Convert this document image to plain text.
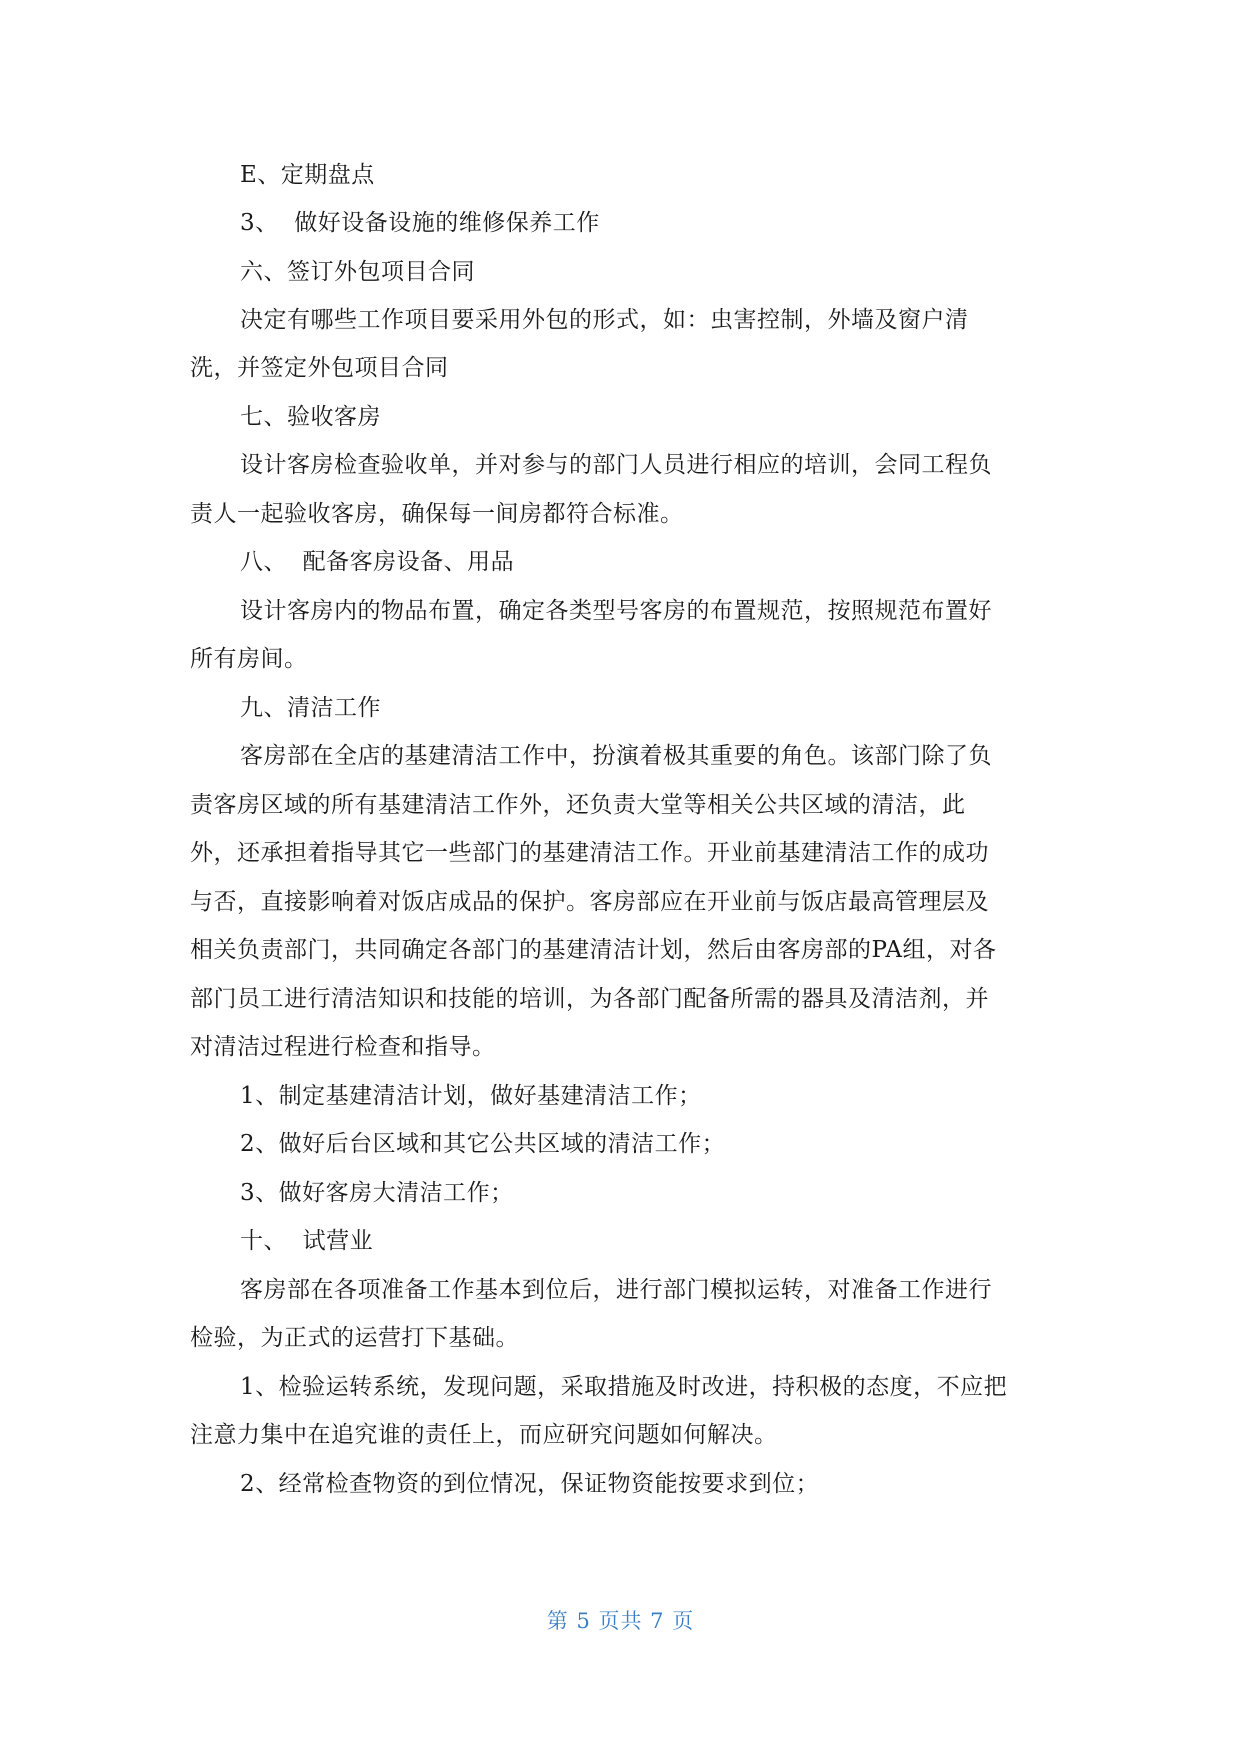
E、定期盘点
3、  做好设备设施的维修保养工作
六、签订外包项目合同
决定有哪些工作项目要采用外包的形式，如：虫害控制，外墙及窗户清
洗，并签定外包项目合同
七、验收客房
设计客房检查验收单，并对参与的部门人员进行相应的培训，会同工程负
责人一起验收客房，确保每一间房都符合标准。
八、  配备客房设备、用品
设计客房内的物品布置，确定各类型号客房的布置规范，按照规范布置好
所有房间。
九、清洁工作
客房部在全店的基建清洁工作中，扮演着极其重要的角色。该部门除了负
责客房区域的所有基建清洁工作外，还负责大堂等相关公共区域的清洁，此
外，还承担着指导其它一些部门的基建清洁工作。开业前基建清洁工作的成功
与否，直接影响着对饭店成品的保护。客房部应在开业前与饭店最高管理层及
相关负责部门，共同确定各部门的基建清洁计划，然后由客房部的PA组，对各
部门员工进行清洁知识和技能的培训，为各部门配备所需的器具及清洁剂，并
对清洁过程进行检查和指导。
1、制定基建清洁计划，做好基建清洁工作；
2、做好后台区域和其它公共区域的清洁工作；
3、做好客房大清洁工作；
十、  试营业
客房部在各项准备工作基本到位后，进行部门模拟运转，对准备工作进行
检验，为正式的运营打下基础。
1、检验运转系统，发现问题，采取措施及时改进，持积极的态度，不应把
注意力集中在追究谁的责任上，而应研究问题如何解决。
2、经常检查物资的到位情况，保证物资能按要求到位；
第 5 页共 7 页
